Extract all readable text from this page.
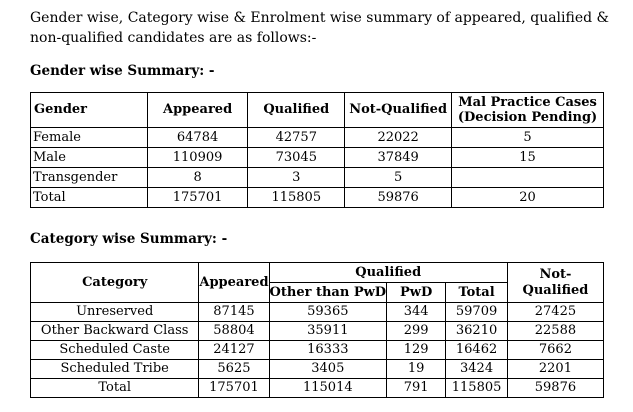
Gender wise, Category wise & Enrolment wise summary of appeared, qualified & non-qualified candidates are as follows:-
Gender wise Summary: -
Gender	Appeared	Qualified	Not-Qualified	Mal Practice Cases
(Decision Pending)
Female	64784	42757	22022	5
Male	110909	73045	37849	15
Transgender	8	3	5	
Total	175701	115805	59876	20
Category wise Summary: -
Category	Appeared	Qualified			Not-
Qualified
		Other than PwD	PwD	Total	
Unreserved	87145	59365	344	59709	27425
Other Backward Class	58804	35911	299	36210	22588
Scheduled Caste	24127	16333	129	16462	7662
Scheduled Tribe	5625	3405	19	3424	2201
Total	175701	115014	791	115805	59876
